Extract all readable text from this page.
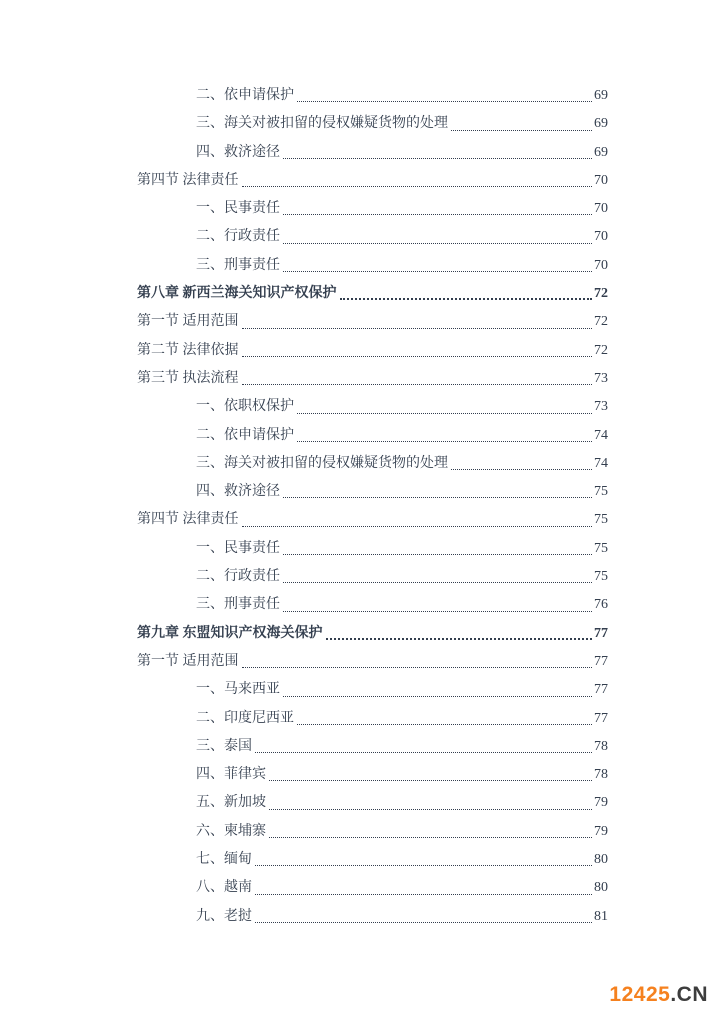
二、依申请保护	69
三、海关对被扣留的侵权嫌疑货物的处理	69
四、救济途径	69
第四节 法律责任	70
一、民事责任	70
二、行政责任	70
三、刑事责任	70
第八章 新西兰海关知识产权保护	72
第一节 适用范围	72
第二节 法律依据	72
第三节 执法流程	73
一、依职权保护	73
二、依申请保护	74
三、海关对被扣留的侵权嫌疑货物的处理	74
四、救济途径	75
第四节 法律责任	75
一、民事责任	75
二、行政责任	75
三、刑事责任	76
第九章 东盟知识产权海关保护	77
第一节 适用范围	77
一、马来西亚	77
二、印度尼西亚	77
三、泰国	78
四、菲律宾	78
五、新加坡	79
六、柬埔寨	79
七、缅甸	80
八、越南	80
九、老挝	81
12425.CN
